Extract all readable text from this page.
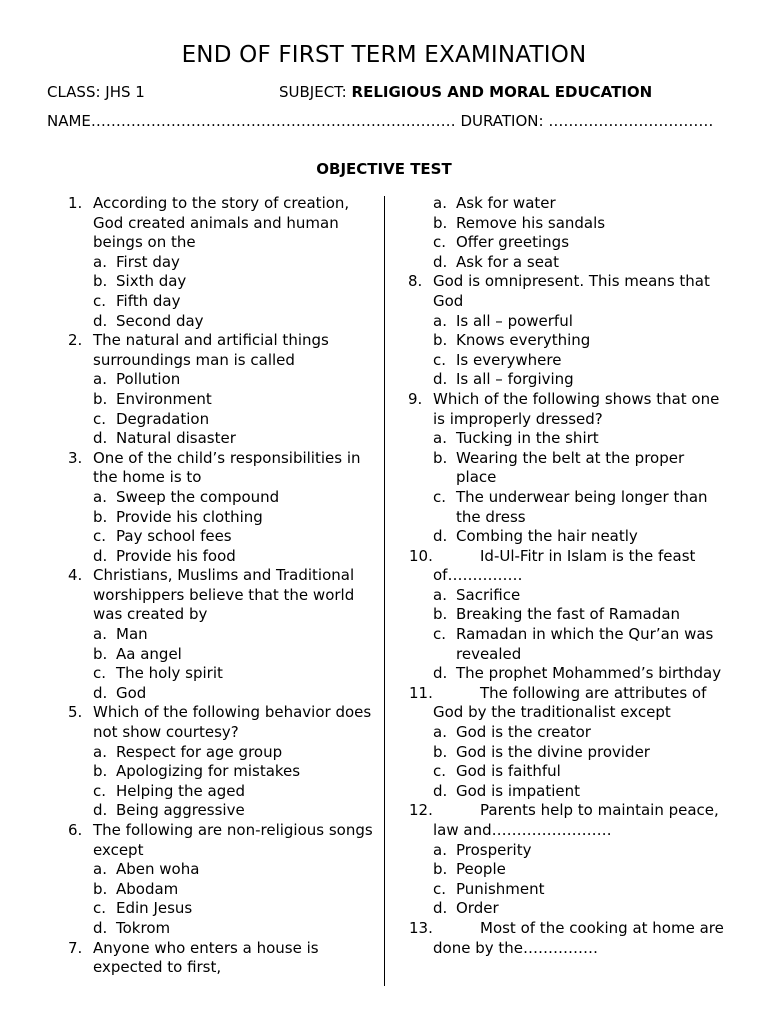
END OF FIRST TERM EXAMINATION
CLASS: JHS 1	SUBJECT: RELIGIOUS AND MORAL EDUCATION
NAME……………………………………………………….……… DURATION: ……………………………
OBJECTIVE TEST
1. According to the story of creation, God created animals and human beings on the
a. First day
b. Sixth day
c. Fifth day
d. Second day
2. The natural and artificial things surroundings man is called
a. Pollution
b. Environment
c. Degradation
d. Natural disaster
3. One of the child’s responsibilities in the home is to
a. Sweep the compound
b. Provide his clothing
c. Pay school fees
d. Provide his food
4. Christians, Muslims and Traditional worshippers believe that the world was created by
a. Man
b. Aa angel
c. The holy spirit
d. God
5. Which of the following behavior does not show courtesy?
a. Respect for age group
b. Apologizing for mistakes
c. Helping the aged
d. Being aggressive
6. The following are non-religious songs except
a. Aben woha
b. Abodam
c. Edin Jesus
d. Tokrom
7. Anyone who enters a house is expected to first,
a. Ask for water
b. Remove his sandals
c. Offer greetings
d. Ask for a seat
8. God is omnipresent. This means that God
a. Is all – powerful
b. Knows everything
c. Is everywhere
d. Is all – forgiving
9. Which of the following shows that one is improperly dressed?
a. Tucking in the shirt
b. Wearing the belt at the proper place
c. The underwear being longer than the dress
d. Combing the hair neatly
10.	Id-Ul-Fitr in Islam is the feast of……………
a. Sacrifice
b. Breaking the fast of Ramadan
c. Ramadan in which the Qur’an was revealed
d. The prophet Mohammed’s birthday
11.	The following are attributes of God by the traditionalist except
a. God is the creator
b. God is the divine provider
c. God is faithful
d. God is impatient
12.	Parents help to maintain peace, law and……………………
a. Prosperity
b. People
c. Punishment
d. Order
13.	Most of the cooking at home are done by the……………
